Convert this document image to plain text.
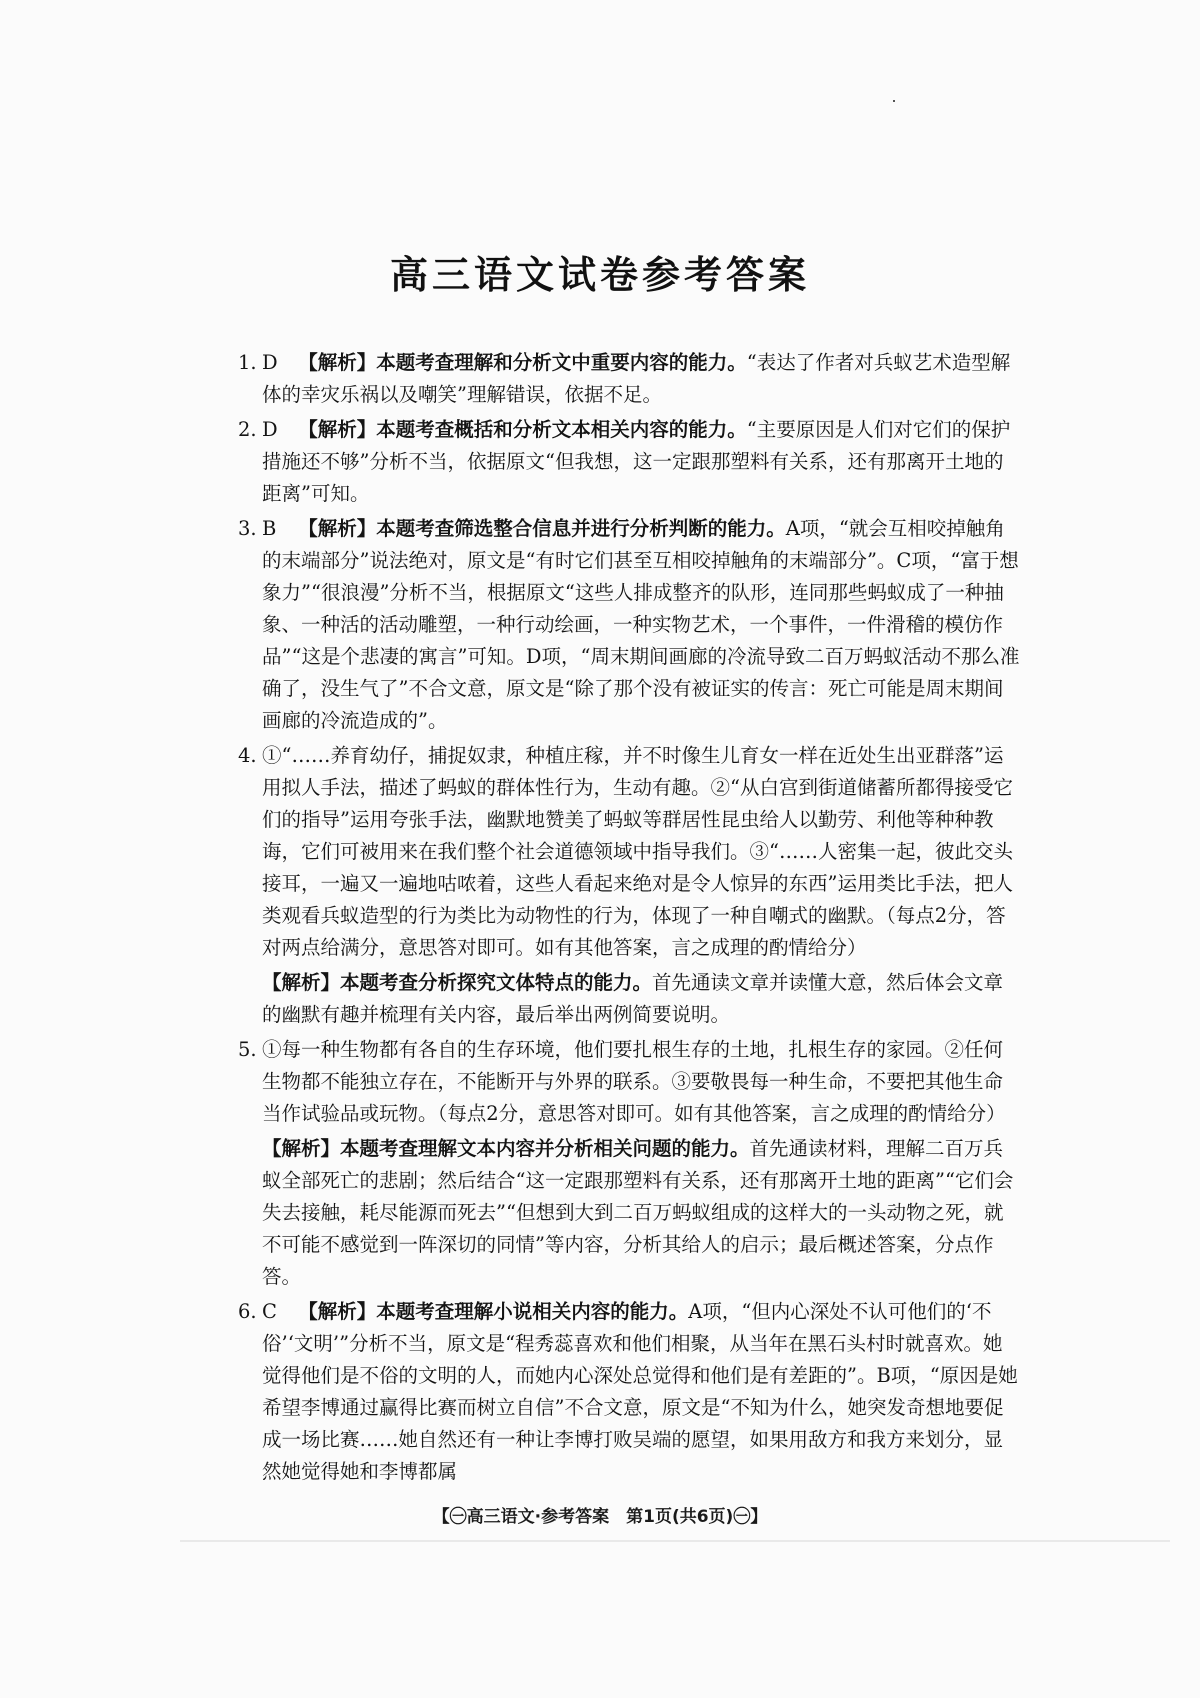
高三语文试卷参考答案
1. D 【解析】本题考查理解和分析文中重要内容的能力。“表达了作者对兵蚁艺术造型解体的幸灾乐祸以及嘲笑”理解错误，依据不足。
2. D 【解析】本题考查概括和分析文本相关内容的能力。“主要原因是人们对它们的保护措施还不够”分析不当，依据原文“但我想，这一定跟那塑料有关系，还有那离开土地的距离”可知。
3. B 【解析】本题考查筛选整合信息并进行分析判断的能力。A项，“就会互相咬掉触角的末端部分”说法绝对，原文是“有时它们甚至互相咬掉触角的末端部分”。C项，“富于想象力”“很浪漫”分析不当，根据原文“这些人排成整齐的队形，连同那些蚂蚁成了一种抽象、一种活的活动雕塑，一种行动绘画，一种实物艺术，一个事件，一件滑稽的模仿作品”“这是个悲凄的寓言”可知。D项，“周末期间画廊的冷流导致二百万蚂蚁活动不那么准确了，没生气了”不合文意，原文是“除了那个没有被证实的传言：死亡可能是周末期间画廊的冷流造成的”。
4. ①“……养育幼仔，捕捉奴隶，种植庄稼，并不时像生儿育女一样在近处生出亚群落”运用拟人手法，描述了蚂蚁的群体性行为，生动有趣。②“从白宫到街道储蓄所都得接受它们的指导”运用夸张手法，幽默地赞美了蚂蚁等群居性昆虫给人以勤劳、利他等种种教诲，它们可被用来在我们整个社会道德领域中指导我们。③“……人密集一起，彼此交头接耳，一遍又一遍地咕哝着，这些人看起来绝对是令人惊异的东西”运用类比手法，把人类观看兵蚁造型的行为类比为动物性的行为，体现了一种自嘲式的幽默。（每点2分，答对两点给满分，意思答对即可。如有其他答案，言之成理的酌情给分）
【解析】本题考查分析探究文体特点的能力。首先通读文章并读懂大意，然后体会文章的幽默有趣并梳理有关内容，最后举出两例简要说明。
5. ①每一种生物都有各自的生存环境，他们要扎根生存的土地，扎根生存的家园。②任何生物都不能独立存在，不能断开与外界的联系。③要敬畏每一种生命，不要把其他生命当作试验品或玩物。（每点2分，意思答对即可。如有其他答案，言之成理的酌情给分）
【解析】本题考查理解文本内容并分析相关问题的能力。首先通读材料，理解二百万兵蚁全部死亡的悲剧；然后结合“这一定跟那塑料有关系，还有那离开土地的距离”“它们会失去接触，耗尽能源而死去”“但想到大到二百万蚂蚁组成的这样大的一头动物之死，就不可能不感觉到一阵深切的同情”等内容，分析其给人的启示；最后概述答案，分点作答。
6. C 【解析】本题考查理解小说相关内容的能力。A项，“但内心深处不认可他们的‘不俗’‘文明’”分析不当，原文是“程秀蕊喜欢和他们相聚，从当年在黑石头村时就喜欢。她觉得他们是不俗的文明的人，而她内心深处总觉得和他们是有差距的”。B项，“原因是她希望李博通过赢得比赛而树立自信”不合文意，原文是“不知为什么，她突发奇想地要促成一场比赛……她自然还有一种让李博打败吴端的愿望，如果用敌方和我方来划分，显然她觉得她和李博都属
【㊀高三语文·参考答案　第1页(共6页)㊀】
